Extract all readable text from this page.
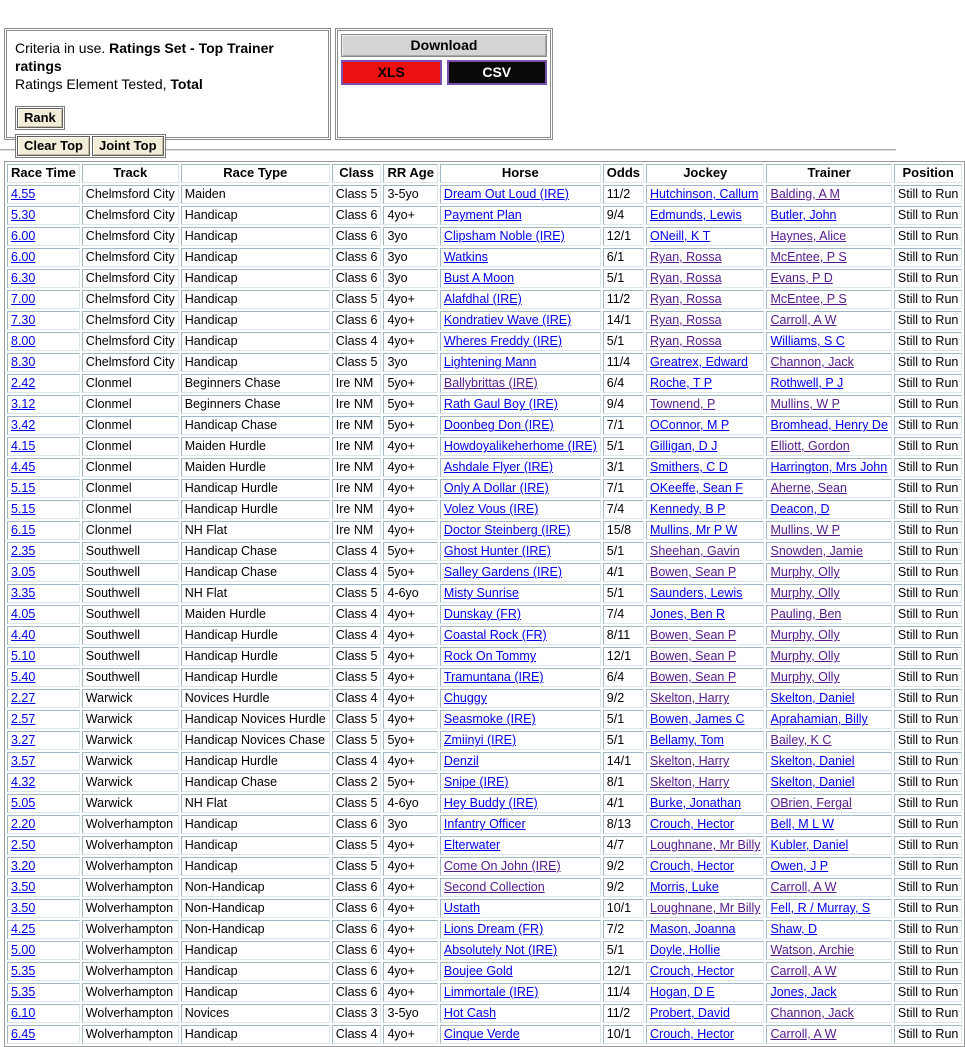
Criteria in use. Ratings Set - Top Trainer ratings
Ratings Element Tested, Total
Rank
Clear Top Joint Top
Download
XLS	CSV
Race Time	Track	Race Type	Class	RR Age	Horse	Odds	Jockey	Trainer	Position
4.55	Chelmsford City	Maiden	Class 5	3-5yo	Dream Out Loud (IRE)	11/2	Hutchinson, Callum	Balding, A M	Still to Run
5.30	Chelmsford City	Handicap	Class 6	4yo+	Payment Plan	9/4	Edmunds, Lewis	Butler, John	Still to Run
6.00	Chelmsford City	Handicap	Class 6	3yo	Clipsham Noble (IRE)	12/1	ONeill, K T	Haynes, Alice	Still to Run
6.00	Chelmsford City	Handicap	Class 6	3yo	Watkins	6/1	Ryan, Rossa	McEntee, P S	Still to Run
6.30	Chelmsford City	Handicap	Class 6	3yo	Bust A Moon	5/1	Ryan, Rossa	Evans, P D	Still to Run
7.00	Chelmsford City	Handicap	Class 5	4yo+	Alafdhal (IRE)	11/2	Ryan, Rossa	McEntee, P S	Still to Run
7.30	Chelmsford City	Handicap	Class 6	4yo+	Kondratiev Wave (IRE)	14/1	Ryan, Rossa	Carroll, A W	Still to Run
8.00	Chelmsford City	Handicap	Class 4	4yo+	Wheres Freddy (IRE)	5/1	Ryan, Rossa	Williams, S C	Still to Run
8.30	Chelmsford City	Handicap	Class 5	3yo	Lightening Mann	11/4	Greatrex, Edward	Channon, Jack	Still to Run
2.42	Clonmel	Beginners Chase	Ire NM	5yo+	Ballybrittas (IRE)	6/4	Roche, T P	Rothwell, P J	Still to Run
3.12	Clonmel	Beginners Chase	Ire NM	5yo+	Rath Gaul Boy (IRE)	9/4	Townend, P	Mullins, W P	Still to Run
3.42	Clonmel	Handicap Chase	Ire NM	5yo+	Doonbeg Don (IRE)	7/1	OConnor, M P	Bromhead, Henry De	Still to Run
4.15	Clonmel	Maiden Hurdle	Ire NM	4yo+	Howdoyalikeherhome (IRE)	5/1	Gilligan, D J	Elliott, Gordon	Still to Run
4.45	Clonmel	Maiden Hurdle	Ire NM	4yo+	Ashdale Flyer (IRE)	3/1	Smithers, C D	Harrington, Mrs John	Still to Run
5.15	Clonmel	Handicap Hurdle	Ire NM	4yo+	Only A Dollar (IRE)	7/1	OKeeffe, Sean F	Aherne, Sean	Still to Run
5.15	Clonmel	Handicap Hurdle	Ire NM	4yo+	Volez Vous (IRE)	7/4	Kennedy, B P	Deacon, D	Still to Run
6.15	Clonmel	NH Flat	Ire NM	4yo+	Doctor Steinberg (IRE)	15/8	Mullins, Mr P W	Mullins, W P	Still to Run
2.35	Southwell	Handicap Chase	Class 4	5yo+	Ghost Hunter (IRE)	5/1	Sheehan, Gavin	Snowden, Jamie	Still to Run
3.05	Southwell	Handicap Chase	Class 4	5yo+	Salley Gardens (IRE)	4/1	Bowen, Sean P	Murphy, Olly	Still to Run
3.35	Southwell	NH Flat	Class 5	4-6yo	Misty Sunrise	5/1	Saunders, Lewis	Murphy, Olly	Still to Run
4.05	Southwell	Maiden Hurdle	Class 4	4yo+	Dunskay (FR)	7/4	Jones, Ben R	Pauling, Ben	Still to Run
4.40	Southwell	Handicap Hurdle	Class 4	4yo+	Coastal Rock (FR)	8/11	Bowen, Sean P	Murphy, Olly	Still to Run
5.10	Southwell	Handicap Hurdle	Class 5	4yo+	Rock On Tommy	12/1	Bowen, Sean P	Murphy, Olly	Still to Run
5.40	Southwell	Handicap Hurdle	Class 5	4yo+	Tramuntana (IRE)	6/4	Bowen, Sean P	Murphy, Olly	Still to Run
2.27	Warwick	Novices Hurdle	Class 4	4yo+	Chuggy	9/2	Skelton, Harry	Skelton, Daniel	Still to Run
2.57	Warwick	Handicap Novices Hurdle	Class 5	4yo+	Seasmoke (IRE)	5/1	Bowen, James C	Aprahamian, Billy	Still to Run
3.27	Warwick	Handicap Novices Chase	Class 5	5yo+	Zmiinyi (IRE)	5/1	Bellamy, Tom	Bailey, K C	Still to Run
3.57	Warwick	Handicap Hurdle	Class 4	4yo+	Denzil	14/1	Skelton, Harry	Skelton, Daniel	Still to Run
4.32	Warwick	Handicap Chase	Class 2	5yo+	Snipe (IRE)	8/1	Skelton, Harry	Skelton, Daniel	Still to Run
5.05	Warwick	NH Flat	Class 5	4-6yo	Hey Buddy (IRE)	4/1	Burke, Jonathan	OBrien, Fergal	Still to Run
2.20	Wolverhampton	Handicap	Class 6	3yo	Infantry Officer	8/13	Crouch, Hector	Bell, M L W	Still to Run
2.50	Wolverhampton	Handicap	Class 5	4yo+	Elterwater	4/7	Loughnane, Mr Billy	Kubler, Daniel	Still to Run
3.20	Wolverhampton	Handicap	Class 5	4yo+	Come On John (IRE)	9/2	Crouch, Hector	Owen, J P	Still to Run
3.50	Wolverhampton	Non-Handicap	Class 6	4yo+	Second Collection	9/2	Morris, Luke	Carroll, A W	Still to Run
3.50	Wolverhampton	Non-Handicap	Class 6	4yo+	Ustath	10/1	Loughnane, Mr Billy	Fell, R / Murray, S	Still to Run
4.25	Wolverhampton	Non-Handicap	Class 6	4yo+	Lions Dream (FR)	7/2	Mason, Joanna	Shaw, D	Still to Run
5.00	Wolverhampton	Handicap	Class 6	4yo+	Absolutely Not (IRE)	5/1	Doyle, Hollie	Watson, Archie	Still to Run
5.35	Wolverhampton	Handicap	Class 6	4yo+	Boujee Gold	12/1	Crouch, Hector	Carroll, A W	Still to Run
5.35	Wolverhampton	Handicap	Class 6	4yo+	Limmortale (IRE)	11/4	Hogan, D E	Jones, Jack	Still to Run
6.10	Wolverhampton	Novices	Class 3	3-5yo	Hot Cash	11/2	Probert, David	Channon, Jack	Still to Run
6.45	Wolverhampton	Handicap	Class 4	4yo+	Cinque Verde	10/1	Crouch, Hector	Carroll, A W	Still to Run
